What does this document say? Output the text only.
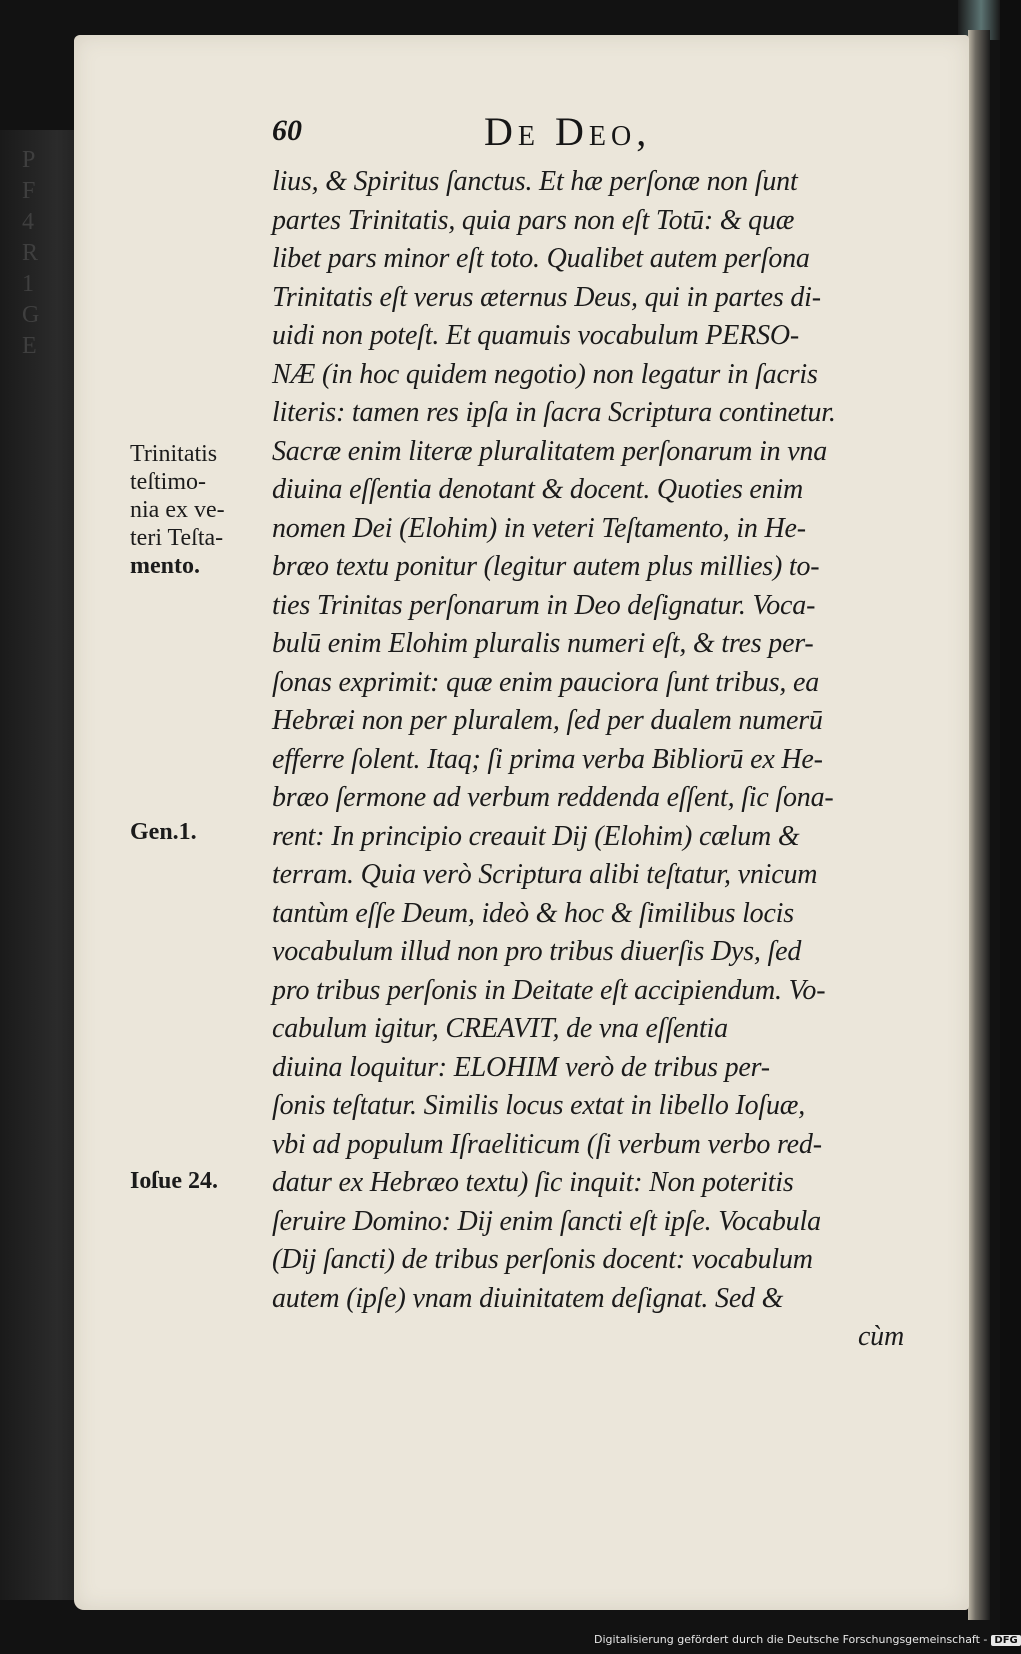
P
F
4
R
1
G
E
60	De Deo,
lius, & Spiritus ſanctus. Et hæ perſonæ non ſunt
partes Trinitatis, quia pars non eſt Totū: & quæ
libet pars minor eſt toto. Qualibet autem perſona
Trinitatis eſt verus æternus Deus, qui in partes di-
uidi non poteſt. Et quamuis vocabulum PERSO-
NÆ (in hoc quidem negotio) non legatur in ſacris
literis: tamen res ipſa in ſacra Scriptura continetur.
Sacræ enim literæ pluralitatem perſonarum in vna
diuina eſſentia denotant & docent. Quoties enim
nomen Dei (Elohim) in veteri Teſtamento, in He-
bræo textu ponitur (legitur autem plus millies) to-
ties Trinitas perſonarum in Deo deſignatur. Voca-
bulū enim Elohim pluralis numeri eſt, & tres per-
ſonas exprimit: quæ enim pauciora ſunt tribus, ea
Hebræi non per pluralem, ſed per dualem numerū
efferre ſolent. Itaq; ſi prima verba Bibliorū ex He-
bræo ſermone ad verbum reddenda eſſent, ſic ſona-
rent: In principio creauit Dij (Elohim) cælum &
terram. Quia verò Scriptura alibi teſtatur, vnicum
tantùm eſſe Deum, ideò & hoc & ſimilibus locis
vocabulum illud non pro tribus diuerſis Dys, ſed
pro tribus perſonis in Deitate eſt accipiendum. Vo-
cabulum igitur, CREAVIT, de vna eſſentia
diuina loquitur: ELOHIM verò de tribus per-
ſonis teſtatur. Similis locus extat in libello Ioſuæ,
vbi ad populum Iſraeliticum (ſi verbum verbo red-
datur ex Hebræo textu) ſic inquit: Non poteritis
ſeruire Domino: Dij enim ſancti eſt ipſe. Vocabula
(Dij ſancti) de tribus perſonis docent: vocabulum
autem (ipſe) vnam diuinitatem deſignat. Sed &
cùm
Trinitatis
teſtimo-
nia ex ve-
teri Teſta-
mento.
Gen.1.
Ioſue 24.
Digitalisierung gefördert durch die Deutsche Forschungsgemeinschaft - DFG
